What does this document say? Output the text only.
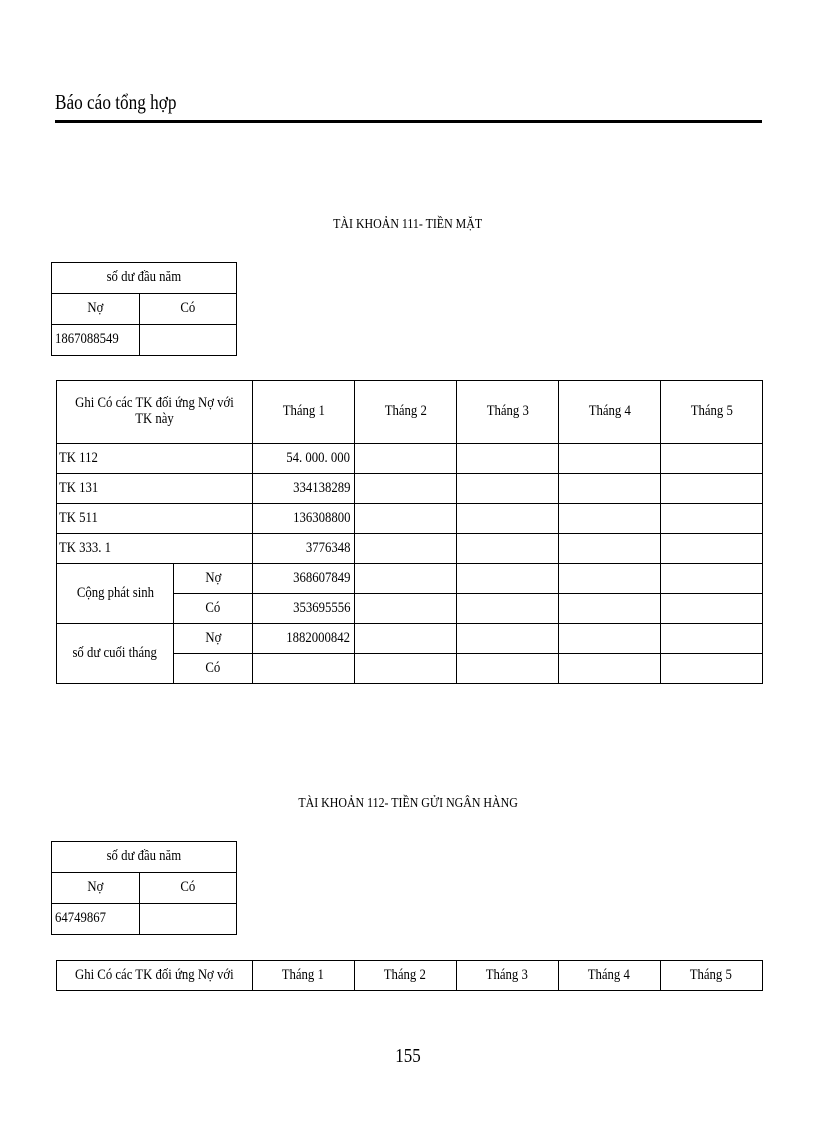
Báo cáo tổng hợp
TÀI KHOẢN 111- TIỀN MẶT
số dư đầu năm	
Nợ	Có
1867088549	
Ghi Có các TK đối ứng Nợ với TK này		Tháng 1	Tháng 2	Tháng 3	Tháng 4	Tháng 5
TK 112		54. 000. 000				
TK 131		334138289				
TK 511		136308800				
TK 333. 1		3776348				
Cộng phát sinh	Nợ	368607849				
	Có	353695556				
số dư cuối tháng	Nợ	1882000842				
	Có					
TÀI KHOẢN 112- TIỀN GỬI NGÂN HÀNG
số dư đầu năm	
Nợ	Có
64749867	
Ghi Có các TK đối ứng Nợ với	Tháng 1	Tháng 2	Tháng 3	Tháng 4	Tháng 5
155
